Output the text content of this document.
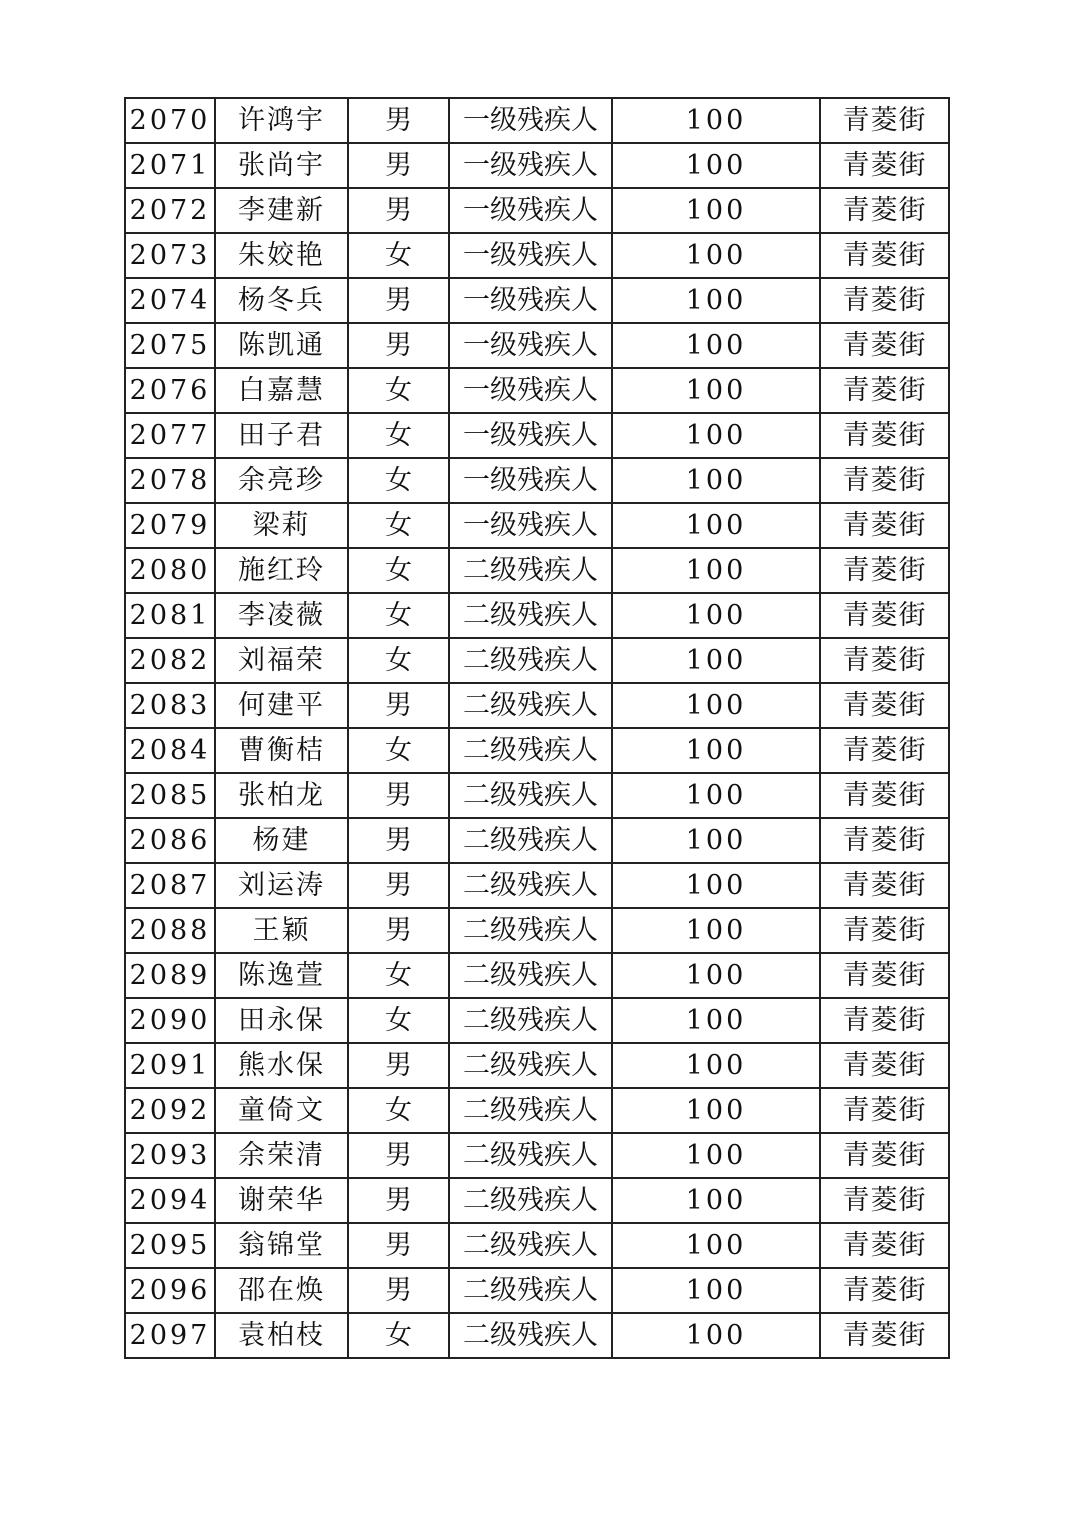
2070	许鸿宇	男	一级残疾人	100	青菱街
2071	张尚宇	男	一级残疾人	100	青菱街
2072	李建新	男	一级残疾人	100	青菱街
2073	朱姣艳	女	一级残疾人	100	青菱街
2074	杨冬兵	男	一级残疾人	100	青菱街
2075	陈凯通	男	一级残疾人	100	青菱街
2076	白嘉慧	女	一级残疾人	100	青菱街
2077	田子君	女	一级残疾人	100	青菱街
2078	余亮珍	女	一级残疾人	100	青菱街
2079	梁莉	女	一级残疾人	100	青菱街
2080	施红玲	女	二级残疾人	100	青菱街
2081	李凌薇	女	二级残疾人	100	青菱街
2082	刘福荣	女	二级残疾人	100	青菱街
2083	何建平	男	二级残疾人	100	青菱街
2084	曹衡桔	女	二级残疾人	100	青菱街
2085	张柏龙	男	二级残疾人	100	青菱街
2086	杨建	男	二级残疾人	100	青菱街
2087	刘运涛	男	二级残疾人	100	青菱街
2088	王颖	男	二级残疾人	100	青菱街
2089	陈逸萱	女	二级残疾人	100	青菱街
2090	田永保	女	二级残疾人	100	青菱街
2091	熊水保	男	二级残疾人	100	青菱街
2092	童倚文	女	二级残疾人	100	青菱街
2093	余荣清	男	二级残疾人	100	青菱街
2094	谢荣华	男	二级残疾人	100	青菱街
2095	翁锦堂	男	二级残疾人	100	青菱街
2096	邵在焕	男	二级残疾人	100	青菱街
2097	袁柏枝	女	二级残疾人	100	青菱街
